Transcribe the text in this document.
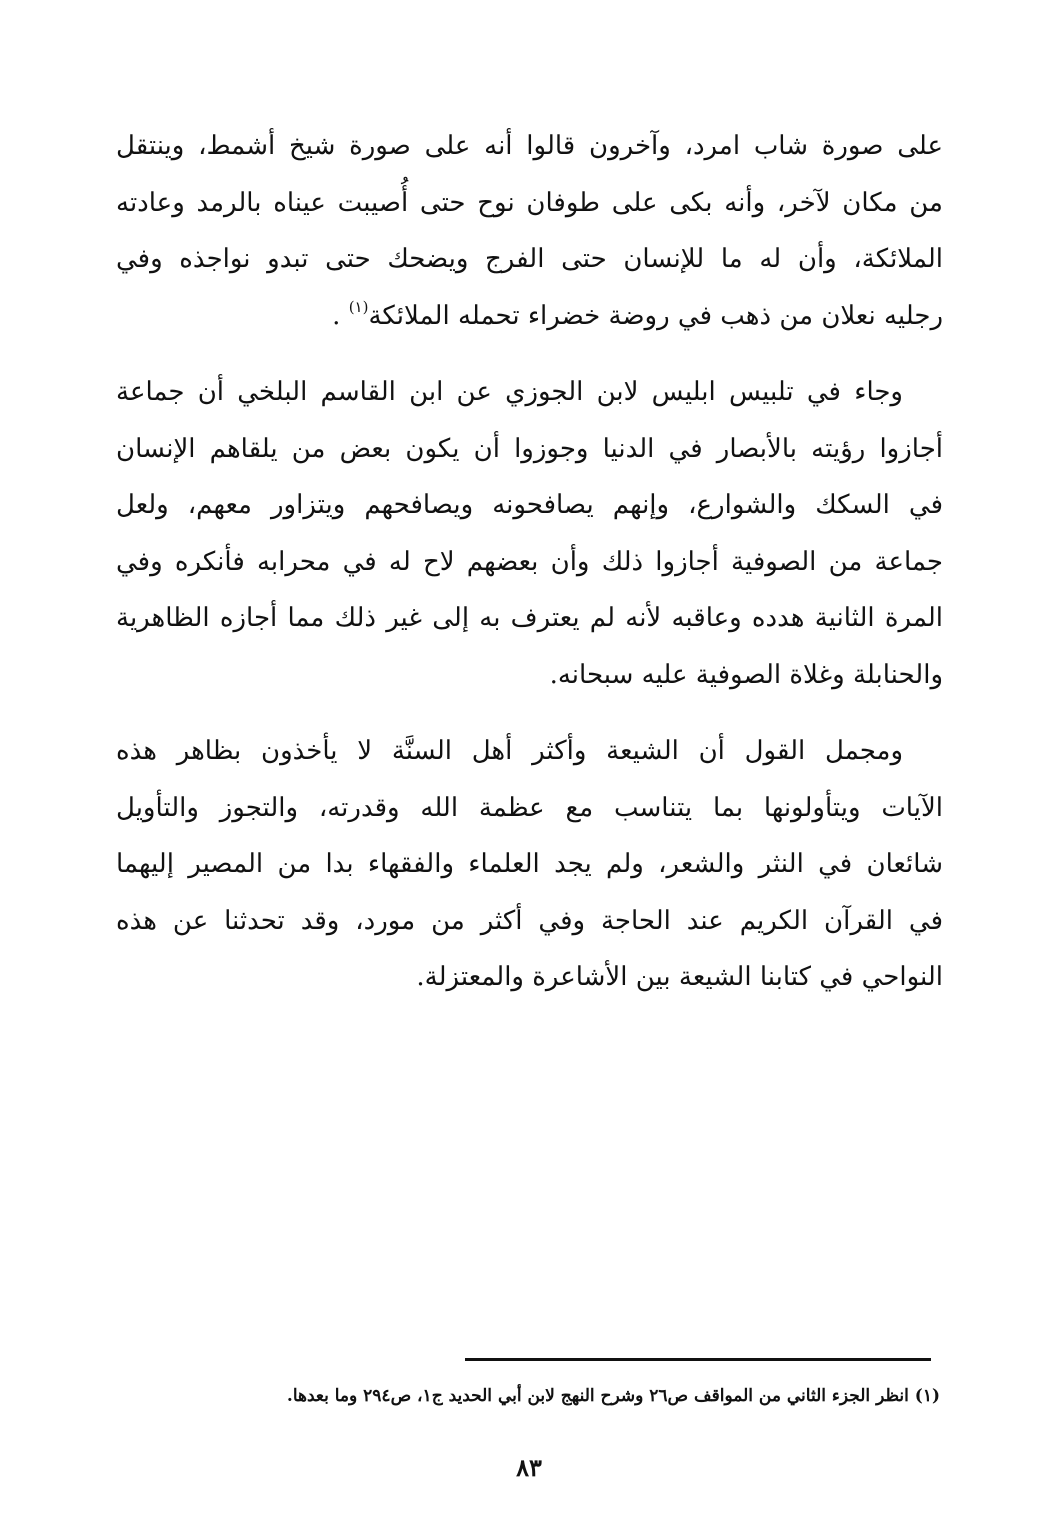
على صورة شاب امرد، وآخرون قالوا أنه على صورة شيخ أشمط، وينتقل
من مكان لآخر، وأنه بكى على طوفان نوح حتى أُصيبت عيناه بالرمد وعادته
الملائكة، وأن له ما للإنسان حتى الفرج ويضحك حتى تبدو نواجذه وفي
رجليه نعلان من ذهب في روضة خضراء تحمله الملائكة$^{(١)}$ .
وجاء في تلبيس ابليس لابن الجوزي عن ابن القاسم البلخي أن جماعة
أجازوا رؤيته بالأبصار في الدنيا وجوزوا أن يكون بعض من يلقاهم الإنسان
في السكك والشوارع، وإنهم يصافحونه ويصافحهم ويتزاور معهم، ولعل
جماعة من الصوفية أجازوا ذلك وأن بعضهم لاح له في محرابه فأنكره وفي
المرة الثانية هدده وعاقبه لأنه لم يعترف به إلى غير ذلك مما أجازه الظاهرية
والحنابلة وغلاة الصوفية عليه سبحانه.
ومجمل القول أن الشيعة وأكثر أهل السنَّة لا يأخذون بظاهر هذه
الآيات ويتأولونها بما يتناسب مع عظمة الله وقدرته، والتجوز والتأويل
شائعان في النثر والشعر، ولم يجد العلماء والفقهاء بدا من المصير إليهما
في القرآن الكريم عند الحاجة وفي أكثر من مورد، وقد تحدثنا عن هذه
النواحي في كتابنا الشيعة بين الأشاعرة والمعتزلة.
(١) انظر الجزء الثاني من المواقف ص٢٦ وشرح النهج لابن أبي الحديد ج١، ص٢٩٤ وما بعدها.
٨٣
